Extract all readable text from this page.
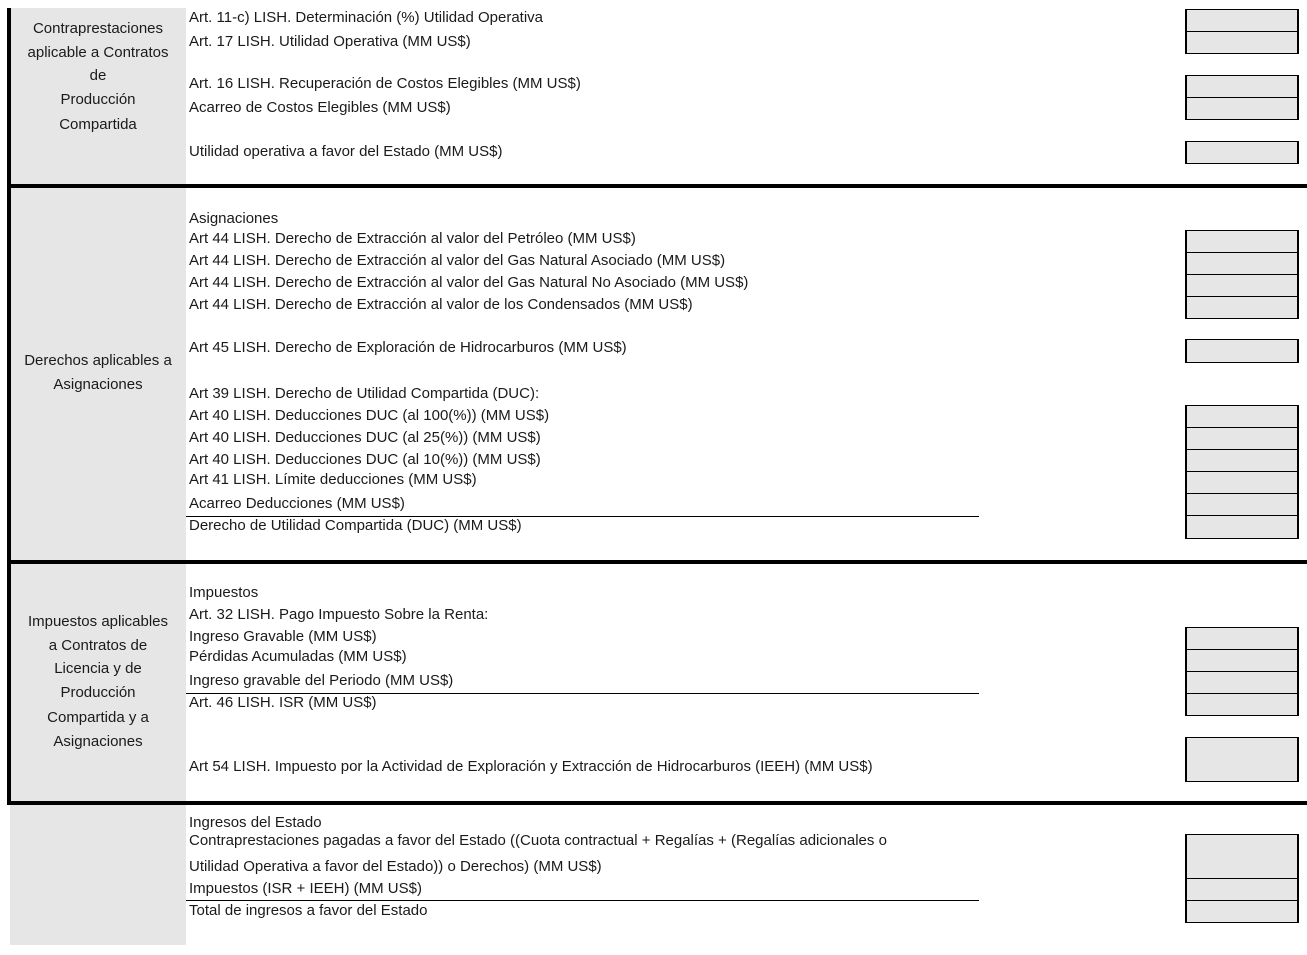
Contraprestaciones
aplicable a Contratos
de
Producción
Compartida
Art. 11-c) LISH. Determinación (%) Utilidad Operativa
Art. 17 LISH. Utilidad Operativa (MM US$)
Art. 16 LISH. Recuperación de Costos Elegibles (MM US$)
Acarreo de Costos Elegibles (MM US$)
Utilidad operativa a favor del Estado (MM US$)
Derechos aplicables a
Asignaciones
Asignaciones
Art 44 LISH. Derecho de Extracción al valor del Petróleo (MM US$)
Art 44 LISH. Derecho de Extracción al valor del Gas Natural Asociado (MM US$)
Art 44 LISH. Derecho de Extracción al valor del Gas Natural No Asociado (MM US$)
Art 44 LISH. Derecho de Extracción al valor de los Condensados (MM US$)
Art 45 LISH. Derecho de Exploración de Hidrocarburos (MM US$)
Art 39 LISH. Derecho de Utilidad Compartida (DUC):
Art 40 LISH. Deducciones DUC (al 100(%)) (MM US$)
Art 40 LISH. Deducciones DUC (al 25(%)) (MM US$)
Art 40 LISH. Deducciones DUC (al 10(%)) (MM US$)
Art 41 LISH. Límite deducciones (MM US$)
Acarreo Deducciones (MM US$)
Derecho de Utilidad Compartida (DUC) (MM US$)
Impuestos aplicables
a Contratos de
Licencia y de
Producción
Compartida y a
Asignaciones
Impuestos
Art. 32 LISH. Pago Impuesto Sobre la Renta:
Ingreso Gravable (MM US$)
Pérdidas Acumuladas (MM US$)
Ingreso gravable del Periodo (MM US$)
Art. 46 LISH. ISR (MM US$)
Art 54 LISH. Impuesto por la Actividad de Exploración y Extracción de Hidrocarburos (IEEH) (MM US$)
Ingresos del Estado
Contraprestaciones pagadas a favor del Estado ((Cuota contractual + Regalías + (Regalías adicionales o
Utilidad Operativa a favor del Estado)) o Derechos) (MM US$)
Impuestos (ISR + IEEH) (MM US$)
Total de ingresos a favor del Estado
